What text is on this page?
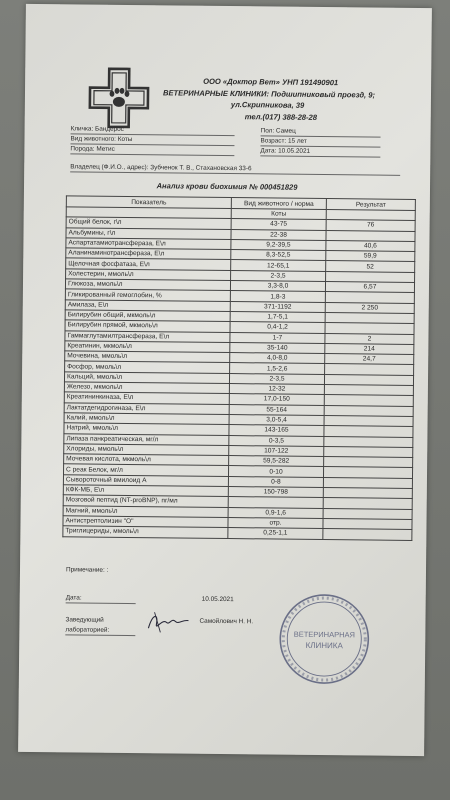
ООО «Доктор Вет» УНП 191490901
ВЕТЕРИНАРНЫЕ КЛИНИКИ: Подшипниковый проезд, 9;
ул.Скрипникова, 39
тел.(017) 388-28-28
Кличка: Бандерос
Вид животного: Коты
Порода: Метис
Пол: Самец
Возраст: 15 лет
Дата: 10.05.2021
Владелец (Ф.И.О., адрес): Зубченок Т. В., Стахановская 33-6
Анализ крови биохимия № 000451829
Показатель	Вид животного / норма	Результат
	Коты	
Общий белок, г\л	43-75	76
Альбумины, г\л	22-38	
Аспартатамиотрансфераза, Е\л	9,2-39,5	40,6
Аланинаминотрансфераза, Е\л	8,3-52,5	59,9
Щелочная фосфатаза, Е\л	12-65,1	52
Холестерин, ммоль\л	2-3,5	
Глюкоза, ммоль\л	3,3-8,0	6,57
Гликированный гемоглобин, %	1,8-3	
Амилаза, Е\л	371-1192	2 250
Билирубин общий, мкмоль\л	1,7-5,1	
Билирубин прямой, мкмоль\л	0,4-1,2	
Гаммаглутамилтрансфераза, Е\л	1-7	2
Креатинин, мкмоль\л	35-140	214
Мочевина, ммоль\л	4,0-8,0	24,7
Фосфор, ммоль\л	1,5-2,6	
Кальций, ммоль\л	2-3,5	
Железо, мкмоль\л	12-32	
Креатининкиназа, Е\л	17,0-150	
Лактатдегидрогиназа, Е\л	55-164	
Калий, ммоль\л	3,0-5,4	
Натрий, ммоль\л	143-165	
Липаза панкреатическая, мг/л	0-3,5	
Хлориды, ммоль\л	107-122	
Мочевая кислота, мкмоль\л	59,5-282	
С реак Белок, мг/л	0-10	
Сывороточный вмилоид А	0-8	
КФК-МБ, Е\л	150-798	
Мозговой пептид (NT-proBNP), пг/мл		
Магний, ммоль\л	0,9-1,6	
Антистрептолизин "О"	отр.	
Триглицериды, ммоль\л	0,25-1,1	
Примечание: :
Дата:	10.05.2021
Заведующий
лабораторией:
Самойлович Н. Н.
ВЕТЕРИНАРНАЯ
КЛИНИКА
